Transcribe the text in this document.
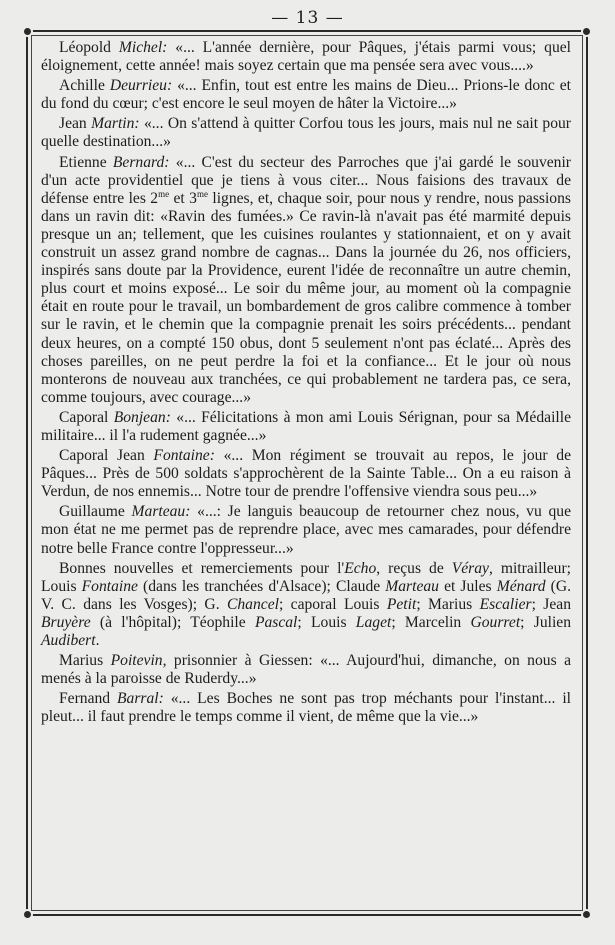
— 13 —

Léopold Michel: «... L'année dernière, pour Pâques, j'étais parmi vous; quel éloignement, cette année! mais soyez certain que ma pensée sera avec vous....»

Achille Deurrieu: «... Enfin, tout est entre les mains de Dieu... Prions-le donc et du fond du cœur; c'est encore le seul moyen de hâter la Victoire...»

Jean Martin: «... On s'attend à quitter Corfou tous les jours, mais nul ne sait pour quelle destination...»

Etienne Bernard: «... C'est du secteur des Parroches que j'ai gardé le souvenir d'un acte providentiel que je tiens à vous citer... Nous faisions des travaux de défense entre les $2^{me}$ et $3^{me}$ lignes, et, chaque soir, pour nous y rendre, nous passions dans un ravin dit: «Ravin des fumées.» Ce ravin-là n'avait pas été marmité depuis presque un an; tellement, que les cuisines roulantes y stationnaient, et on y avait construit un assez grand nombre de cagnas... Dans la journée du 26, nos officiers, inspirés sans doute par la Providence, eurent l'idée de reconnaître un autre chemin, plus court et moins exposé... Le soir du même jour, au moment où la compagnie était en route pour le travail, un bombardement de gros calibre commence à tomber sur le ravin, et le chemin que la compagnie prenait les soirs précédents... pendant deux heures, on a compté 150 obus, dont 5 seulement n'ont pas éclaté... Après des choses pareilles, on ne peut perdre la foi et la confiance... Et le jour où nous monterons de nouveau aux tranchées, ce qui probablement ne tardera pas, ce sera, comme toujours, avec courage...»

Caporal Bonjean: «... Félicitations à mon ami Louis Sérignan, pour sa Médaille militaire... il l'a rudement gagnée...»

Caporal Jean Fontaine: «... Mon régiment se trouvait au repos, le jour de Pâques... Près de 500 soldats s'approchèrent de la Sainte Table... On a eu raison à Verdun, de nos ennemis... Notre tour de prendre l'offensive viendra sous peu...»

Guillaume Marteau: «...: Je languis beaucoup de retourner chez nous, vu que mon état ne me permet pas de reprendre place, avec mes camarades, pour défendre notre belle France contre l'oppresseur...»

Bonnes nouvelles et remerciements pour l'Echo, reçus de Véray, mitrailleur; Louis Fontaine (dans les tranchées d'Alsace); Claude Marteau et Jules Ménard (G. V. C. dans les Vosges); G. Chancel; caporal Louis Petit; Marius Escalier; Jean Bruyère (à l'hôpital); Téophile Pascal; Louis Laget; Marcelin Gourret; Julien Audibert.

Marius Poitevin, prisonnier à Giessen: «... Aujourd'hui, dimanche, on nous a menés à la paroisse de Ruderdy...»

Fernand Barral: «... Les Boches ne sont pas trop méchants pour l'instant... il pleut... il faut prendre le temps comme il vient, de même que la vie...»
